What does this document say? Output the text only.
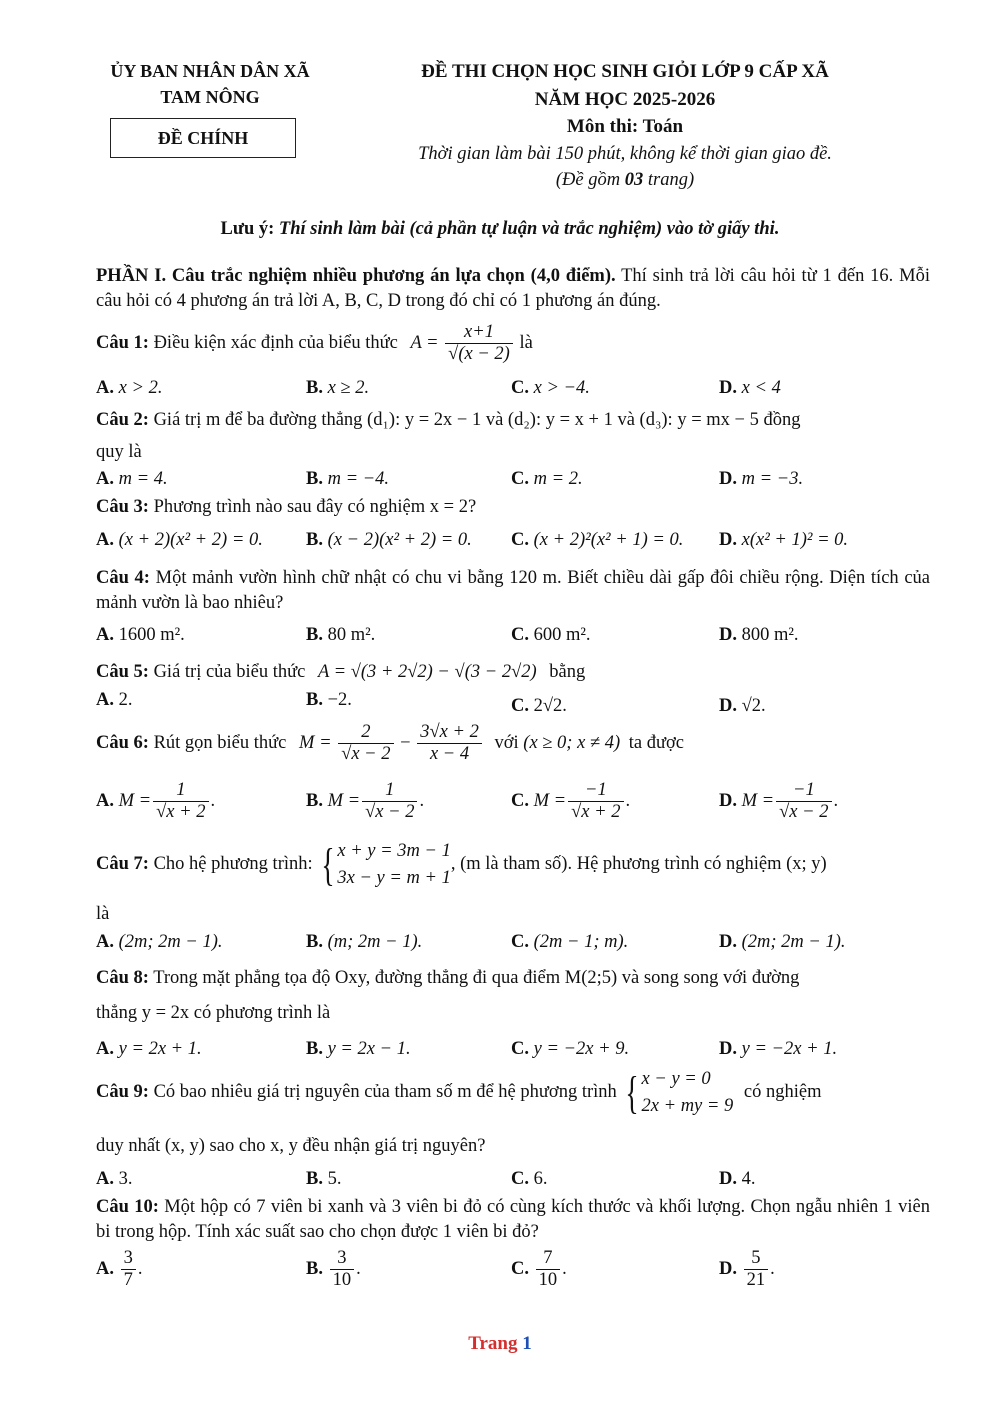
ỦY BAN NHÂN DÂN XÃ
TAM NÔNG
ĐỀ CHÍNH
ĐỀ THI CHỌN HỌC SINH GIỎI LỚP 9 CẤP XÃ
NĂM HỌC 2025-2026
Môn thi: Toán
Thời gian làm bài 150 phút, không kể thời gian giao đề.
(Đề gồm 03 trang)
Lưu ý: Thí sinh làm bài (cả phần tự luận và trắc nghiệm) vào tờ giấy thi.
PHẦN I. Câu trắc nghiệm nhiều phương án lựa chọn (4,0 điểm). Thí sinh trả lời câu hỏi từ 1 đến 16. Mỗi câu hỏi có 4 phương án trả lời A, B, C, D trong đó chỉ có 1 phương án đúng.
Câu 1: Điều kiện xác định của biểu thức $A = \frac{x+1}{√(x - 2)}$ là
A. x > 2.	B. x ≥ 2.	C. x > −4.	D. x < 4
Câu 2: Giá trị m để ba đường thẳng (d₁): y = 2x − 1 và (d₂): y = x + 1 và (d₃): y = mx − 5 đồng
quy là
A. m = 4.	B. m = −4.	C. m = 2.	D. m = −3.
Câu 3: Phương trình nào sau đây có nghiệm x = 2?
A. (x + 2)(x² + 2) = 0. B. (x − 2)(x² + 2) = 0. C. (x + 2)²(x² + 1) = 0. D. x(x² + 1)² = 0.
Câu 4: Một mảnh vườn hình chữ nhật có chu vi bằng 120 m. Biết chiều dài gấp đôi chiều rộng. Diện tích của mảnh vườn là bao nhiêu?
A. 1600 m².	B. 80 m².	C. 600 m².	D. 800 m².
Câu 5: Giá trị của biểu thức A = √(3 + 2√2) − √(3 − 2√2) bằng
A. 2.	B. −2.	C. 2√2.	D. √2.
Câu 6: Rút gọn biểu thức $M = \frac{2}{√x - 2} - \frac{3√x + 2}{x - 4}$ với (x ≥ 0; x ≠ 4) ta được
A. $M = \frac{1}{√x + 2}$ .	B. $M = \frac{1}{√x - 2}$ .	C. $M = \frac{-1}{√x + 2}$ .	D. $M = \frac{-1}{√x - 2}$ .
Câu 7: Cho hệ phương trình: { x + y = 3m − 1
3x − y = m + 1
, (m là tham số). Hệ phương trình có nghiệm (x; y)
là
A. (2m; 2m − 1).	B. (m; 2m − 1).	C. (2m − 1; m).	D. (2m; 2m − 1).
Câu 8: Trong mặt phẳng tọa độ Oxy, đường thẳng đi qua điểm M(2;5) và song song với đường
thẳng y = 2x có phương trình là
A. y = 2x + 1.	B. y = 2x − 1.	C. y = −2x + 9.	D. y = −2x + 1.
Câu 9: Có bao nhiêu giá trị nguyên của tham số m để hệ phương trình { x − y = 0
2x + my = 9
có nghiệm
duy nhất (x, y) sao cho x, y đều nhận giá trị nguyên?
A. 3.	B. 5.	C. 6.	D. 4.
Câu 10: Một hộp có 7 viên bi xanh và 3 viên bi đỏ có cùng kích thước và khối lượng. Chọn ngẫu nhiên 1 viên bi trong hộp. Tính xác suất sao cho chọn được 1 viên bi đỏ?
A. $\frac{3}{7}$ .	B. $\frac{3}{10}$ .	C. $\frac{7}{10}$ .	D. $\frac{5}{21}$ .
Trang 1
